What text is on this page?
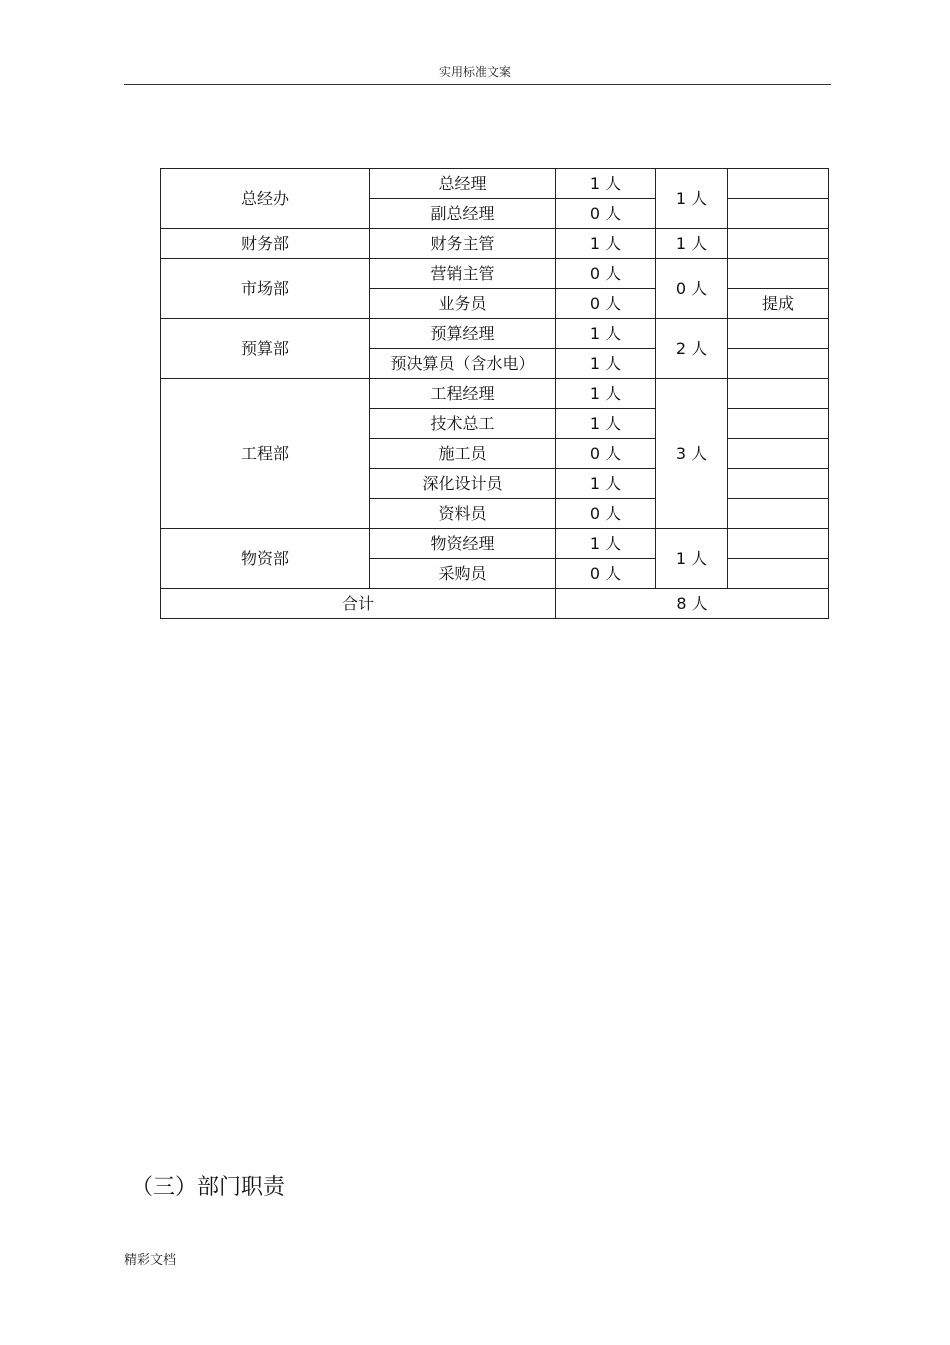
实用标准文案
总经办	总经理	1 人	1 人	
	副总经理	0 人		
财务部	财务主管	1 人	1 人	
市场部	营销主管	0 人	0 人	
	业务员	0 人		提成
预算部	预算经理	1 人	2 人	
	预决算员（含水电）	1 人		
工程部	工程经理	1 人	3 人	
	技术总工	1 人		
	施工员	0 人		
	深化设计员	1 人		
	资料员	0 人		
物资部	物资经理	1 人	1 人	
	采购员	0 人		
合计		8 人		
（三）部门职责
精彩文档
